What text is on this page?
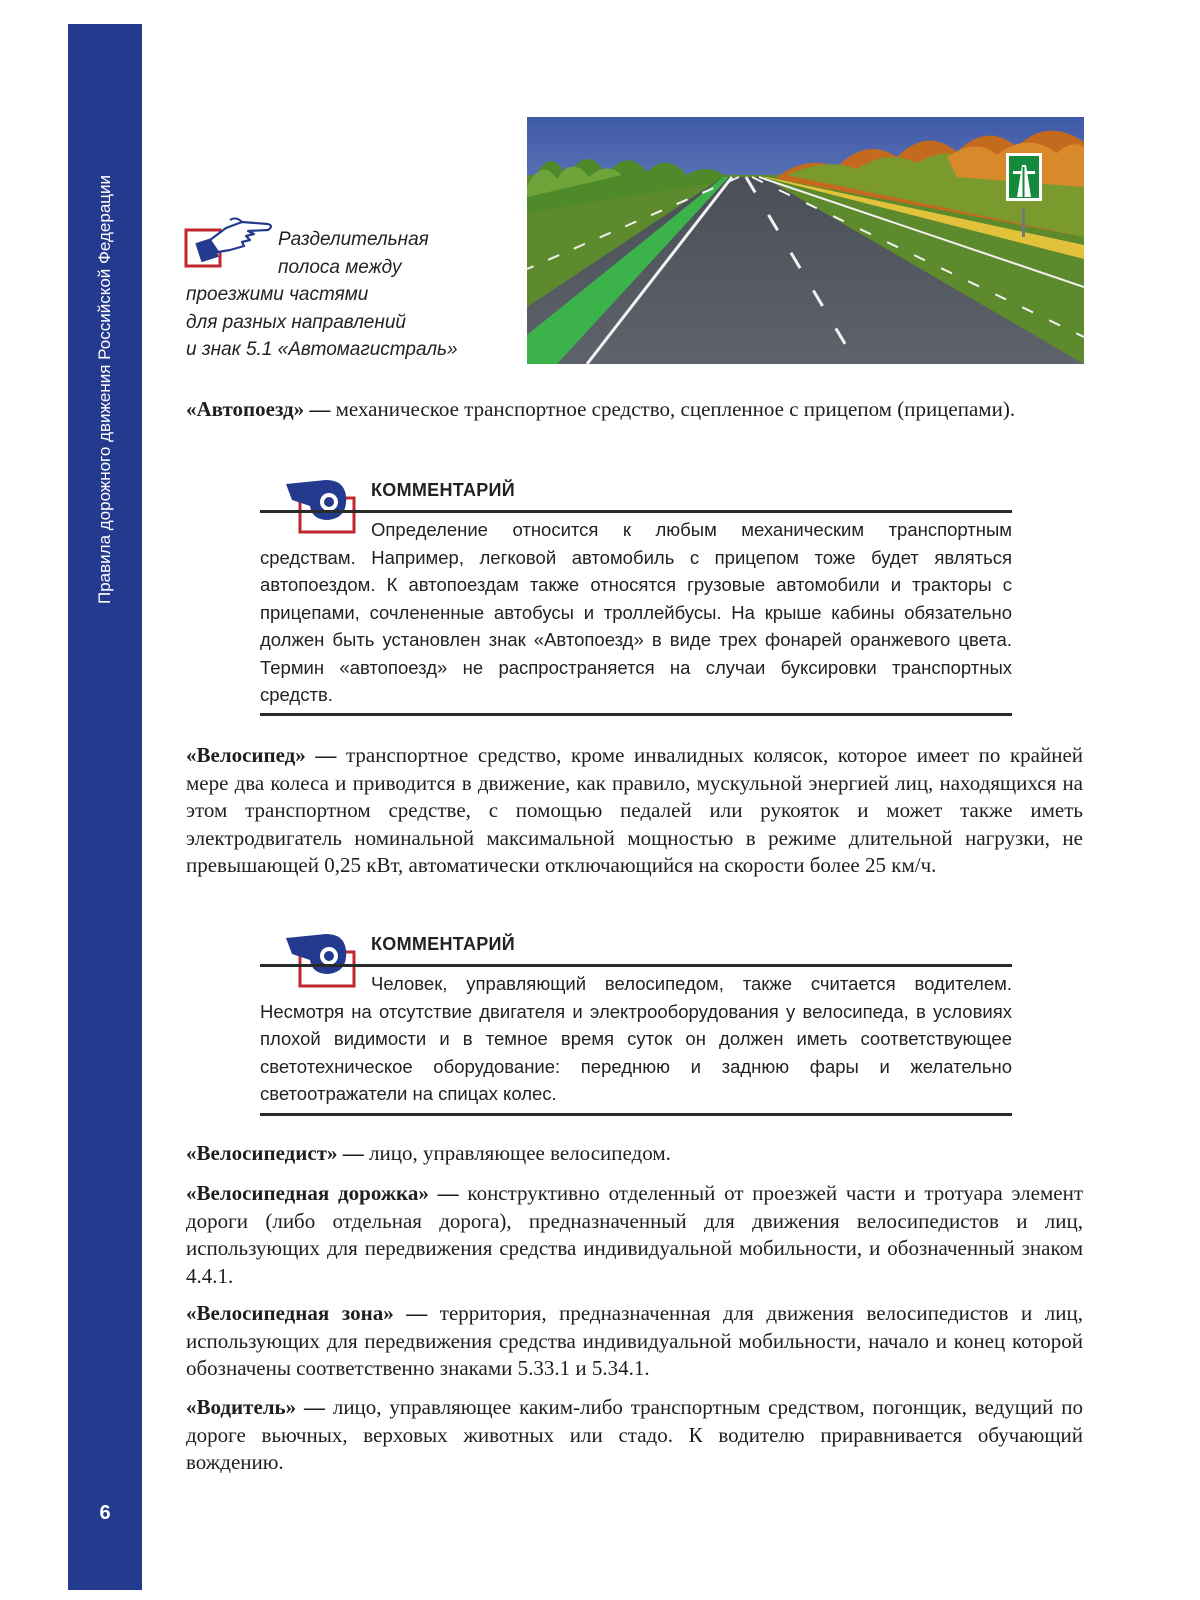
Правила дорожного движения Российской Федерации
6
Разделительная
полоса между
проезжими частями
для разных направлений
и знак 5.1 «Автомагистраль»
«Автопоезд» — механическое транспортное средство, сцепленное с прицепом (прицепами).
КОММЕНТАРИЙ
Определение относится к любым механическим транспортным средствам. Например, легковой автомобиль с прицепом тоже будет являться автопоездом. К автопоездам также относятся грузовые автомобили и тракторы с прицепами, сочлененные автобусы и троллейбусы. На крыше кабины обязательно должен быть установлен знак «Автопоезд» в виде трех фонарей оранжевого цвета. Термин «автопоезд» не распространяется на случаи буксировки транспортных средств.
«Велосипед» — транспортное средство, кроме инвалидных колясок, которое имеет по крайней мере два колеса и приводится в движение, как правило, мускульной энергией лиц, находящихся на этом транспортном средстве, с помощью педалей или рукояток и может также иметь электродвигатель номинальной максимальной мощностью в режиме длительной нагрузки, не превышающей 0,25 кВт, автоматически отключающийся на скорости более 25 км/ч.
КОММЕНТАРИЙ
Человек, управляющий велосипедом, также считается водителем. Несмотря на отсутствие двигателя и электрооборудования у велосипеда, в условиях плохой видимости и в темное время суток он должен иметь соответствующее светотехническое оборудование: переднюю и заднюю фары и желательно светоотражатели на спицах колес.
«Велосипедист» — лицо, управляющее велосипедом.
«Велосипедная дорожка» — конструктивно отделенный от проезжей части и тротуара элемент дороги (либо отдельная дорога), предназначенный для движения велосипедистов и лиц, использующих для передвижения средства индивидуальной мобильности, и обозначенный знаком 4.4.1.
«Велосипедная зона» — территория, предназначенная для движения велосипедистов и лиц, использующих для передвижения средства индивидуальной мобильности, начало и конец которой обозначены соответственно знаками 5.33.1 и 5.34.1.
«Водитель» — лицо, управляющее каким-либо транспортным средством, погонщик, ведущий по дороге вьючных, верховых животных или стадо. К водителю приравнивается обучающий вождению.
